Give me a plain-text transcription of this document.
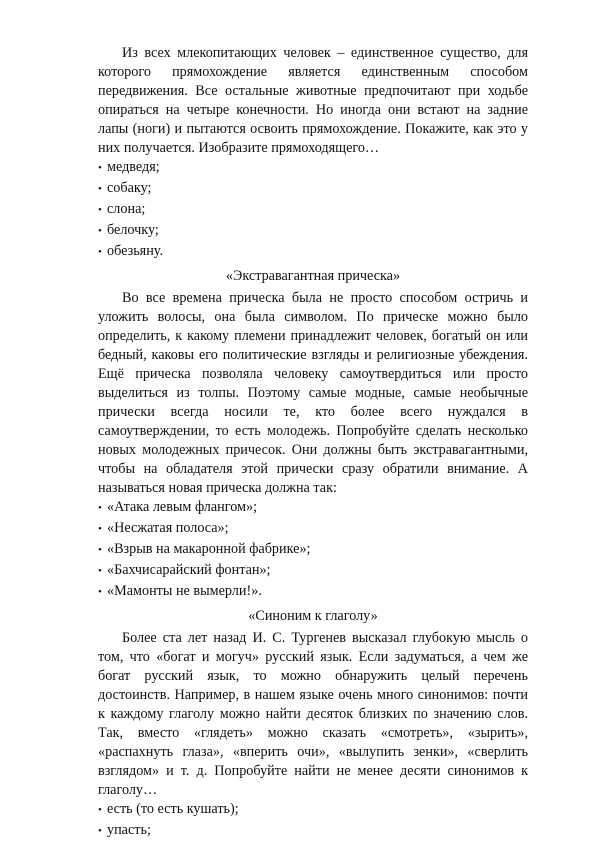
Из всех млекопитающих человек – единственное существо, для которого прямохождение является единственным способом передвижения. Все остальные животные предпочитают при ходьбе опираться на четыре конечности. Но иногда они встают на задние лапы (ноги) и пытаются освоить прямохождение. Покажите, как это у них получается. Изобразите прямоходящего…

• медведя;
• собаку;
• слона;
• белочку;
• обезьяну.

«Экстравагантная прическа»

Во все времена прическа была не просто способом остричь и уложить волосы, она была символом. По прическе можно было определить, к какому племени принадлежит человек, богатый он или бедный, каковы его политические взгляды и религиозные убеждения. Ещё прическа позволяла человеку самоутвердиться или просто выделиться из толпы. Поэтому самые модные, самые необычные прически всегда носили те, кто более всего нуждался в самоутверждении, то есть молодежь. Попробуйте сделать несколько новых молодежных причесок. Они должны быть экстравагантными, чтобы на обладателя этой прически сразу обратили внимание. А называться новая прическа должна так:

• «Атака левым флангом»;
• «Несжатая полоса»;
• «Взрыв на макаронной фабрике»;
• «Бахчисарайский фонтан»;
• «Мамонты не вымерли!».

«Синоним к глаголу»

Более ста лет назад И. С. Тургенев высказал глубокую мысль о том, что «богат и могуч» русский язык. Если задуматься, а чем же богат русский язык, то можно обнаружить целый перечень достоинств. Например, в нашем языке очень много синонимов: почти к каждому глаголу можно найти десяток близких по значению слов. Так, вместо «глядеть» можно сказать «смотреть», «зырить», «распахнуть глаза», «вперить очи», «вылупить зенки», «сверлить взглядом» и т. д. Попробуйте найти не менее десяти синонимов к глаголу…

• есть (то есть кушать);
• упасть;
